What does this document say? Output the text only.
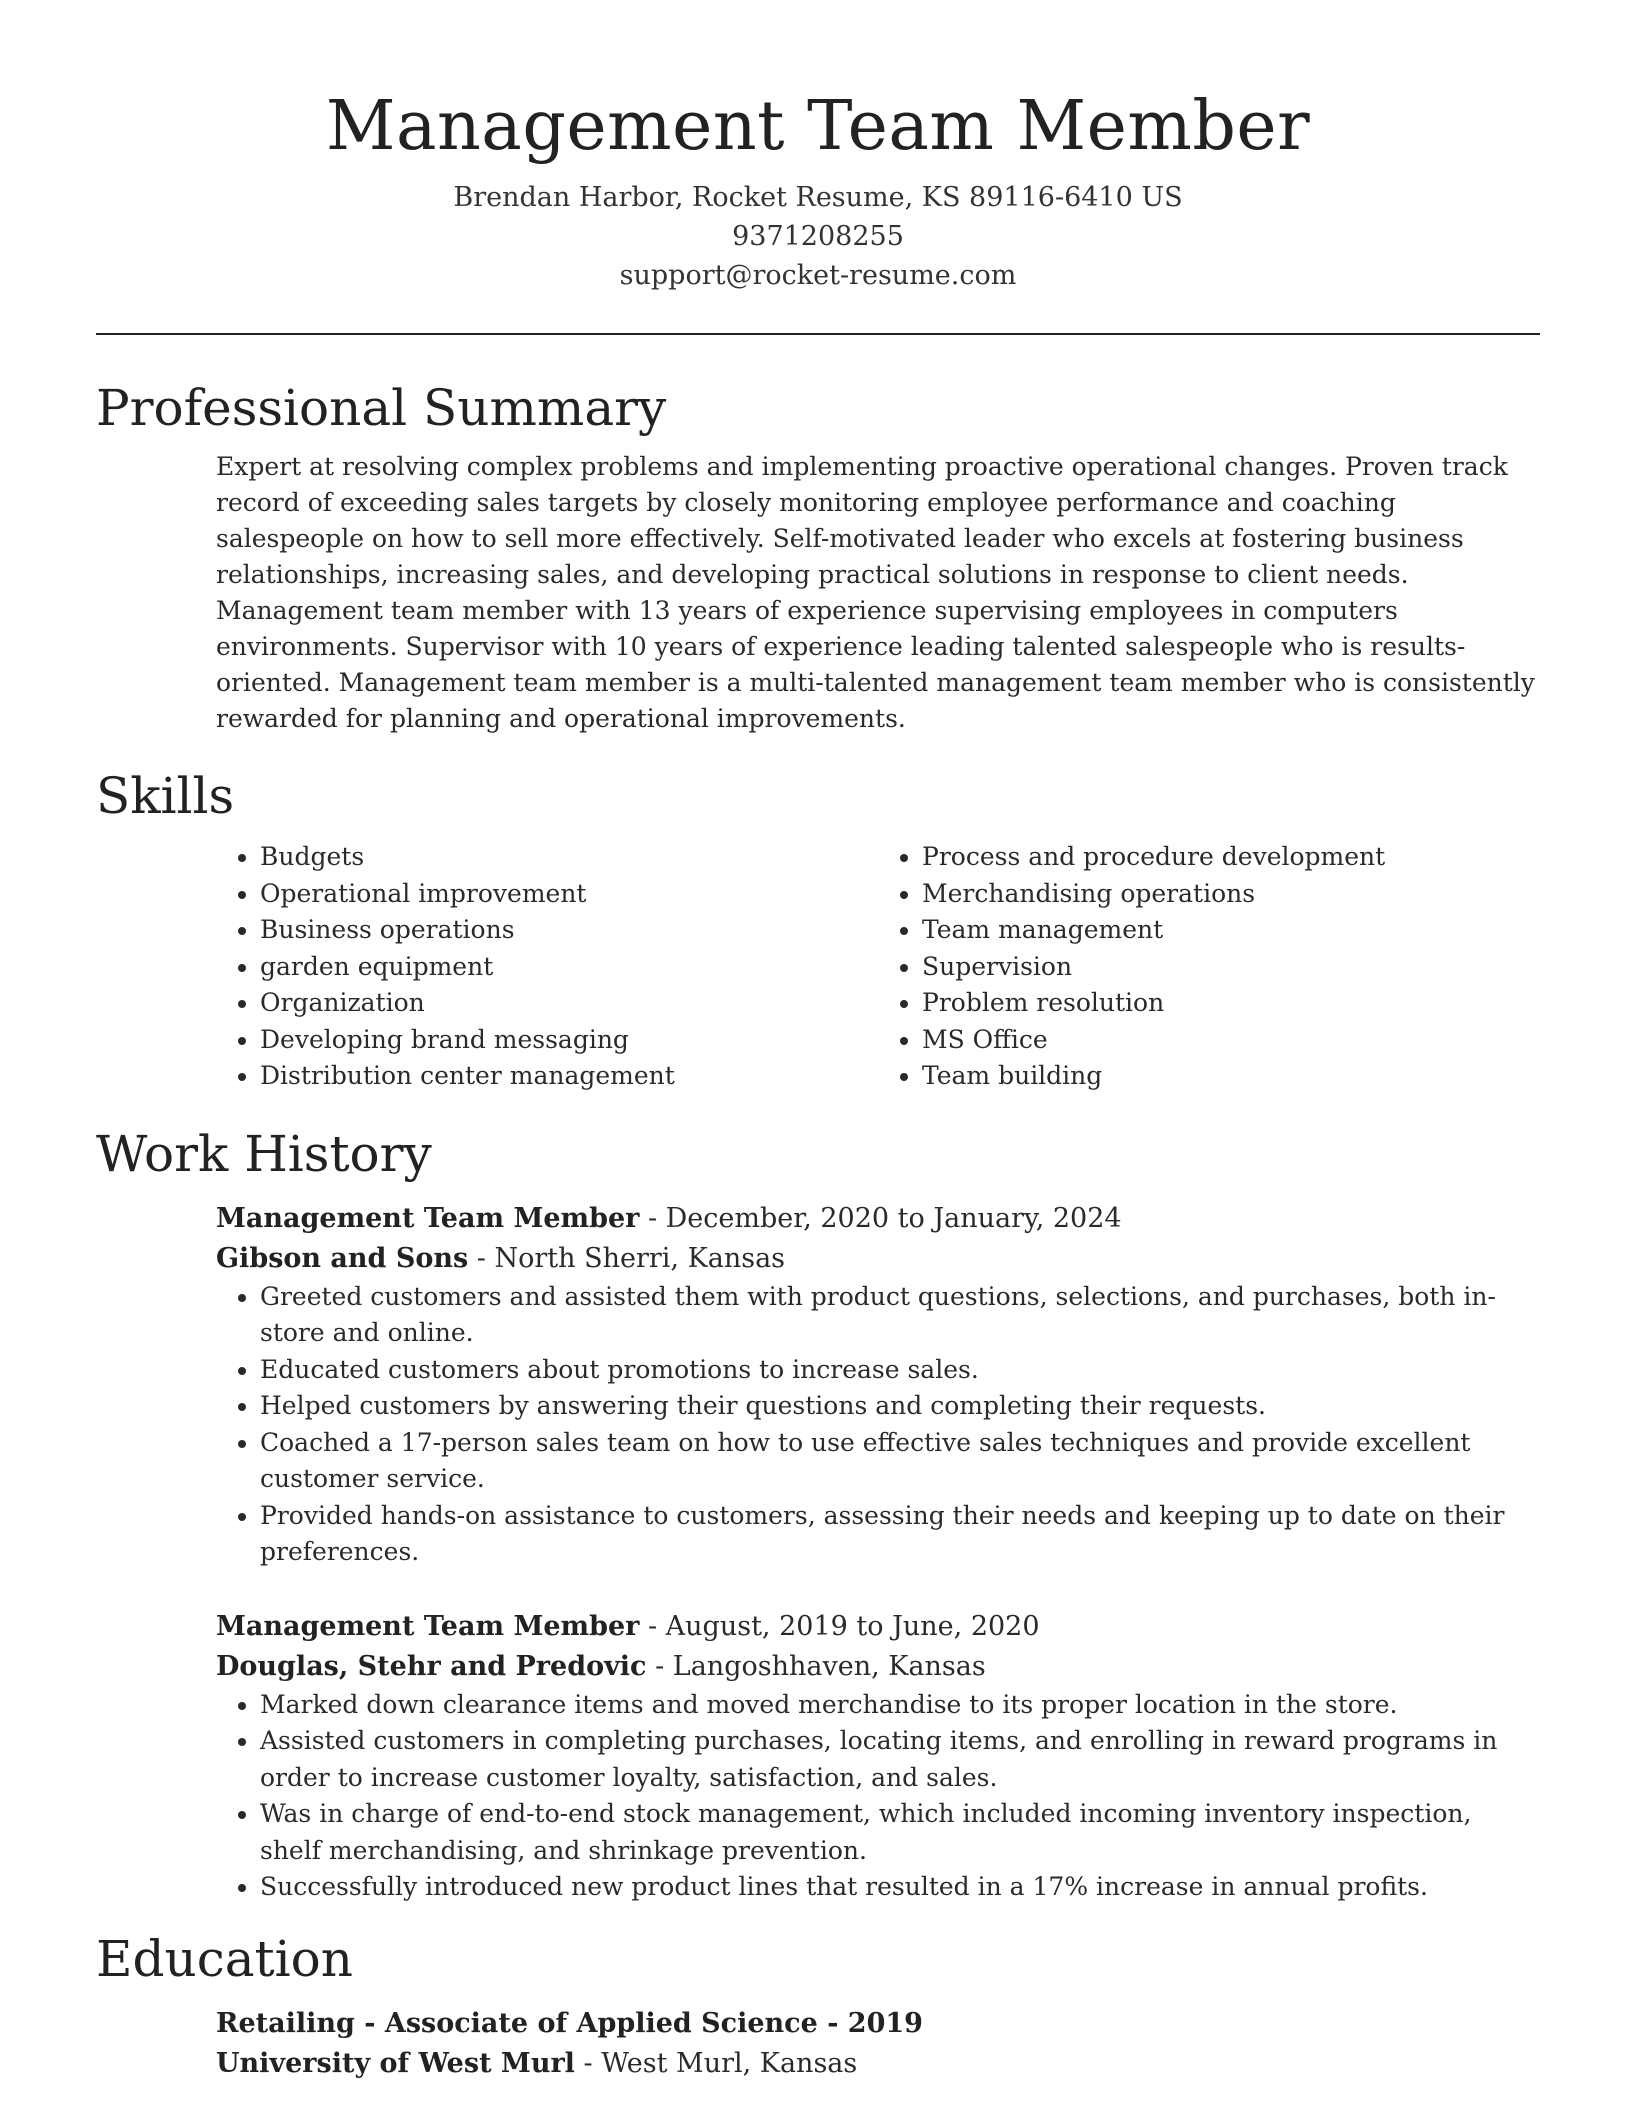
Management Team Member
Brendan Harbor, Rocket Resume, KS 89116-6410 US
9371208255
support@rocket-resume.com
Professional Summary
Expert at resolving complex problems and implementing proactive operational changes. Proven track record of exceeding sales targets by closely monitoring employee performance and coaching salespeople on how to sell more effectively. Self-motivated leader who excels at fostering business relationships, increasing sales, and developing practical solutions in response to client needs. Management team member with 13 years of experience supervising employees in computers environments. Supervisor with 10 years of experience leading talented salespeople who is results-oriented. Management team member is a multi-talented management team member who is consistently rewarded for planning and operational improvements.
Skills
• Budgets
• Operational improvement
• Business operations
• garden equipment
• Organization
• Developing brand messaging
• Distribution center management
• Process and procedure development
• Merchandising operations
• Team management
• Supervision
• Problem resolution
• MS Office
• Team building
Work History
Management Team Member - December, 2020 to January, 2024
Gibson and Sons - North Sherri, Kansas
• Greeted customers and assisted them with product questions, selections, and purchases, both in-store and online.
• Educated customers about promotions to increase sales.
• Helped customers by answering their questions and completing their requests.
• Coached a 17-person sales team on how to use effective sales techniques and provide excellent customer service.
• Provided hands-on assistance to customers, assessing their needs and keeping up to date on their preferences.
Management Team Member - August, 2019 to June, 2020
Douglas, Stehr and Predovic - Langoshhaven, Kansas
• Marked down clearance items and moved merchandise to its proper location in the store.
• Assisted customers in completing purchases, locating items, and enrolling in reward programs in order to increase customer loyalty, satisfaction, and sales.
• Was in charge of end-to-end stock management, which included incoming inventory inspection, shelf merchandising, and shrinkage prevention.
• Successfully introduced new product lines that resulted in a 17% increase in annual profits.
Education
Retailing - Associate of Applied Science - 2019
University of West Murl - West Murl, Kansas
